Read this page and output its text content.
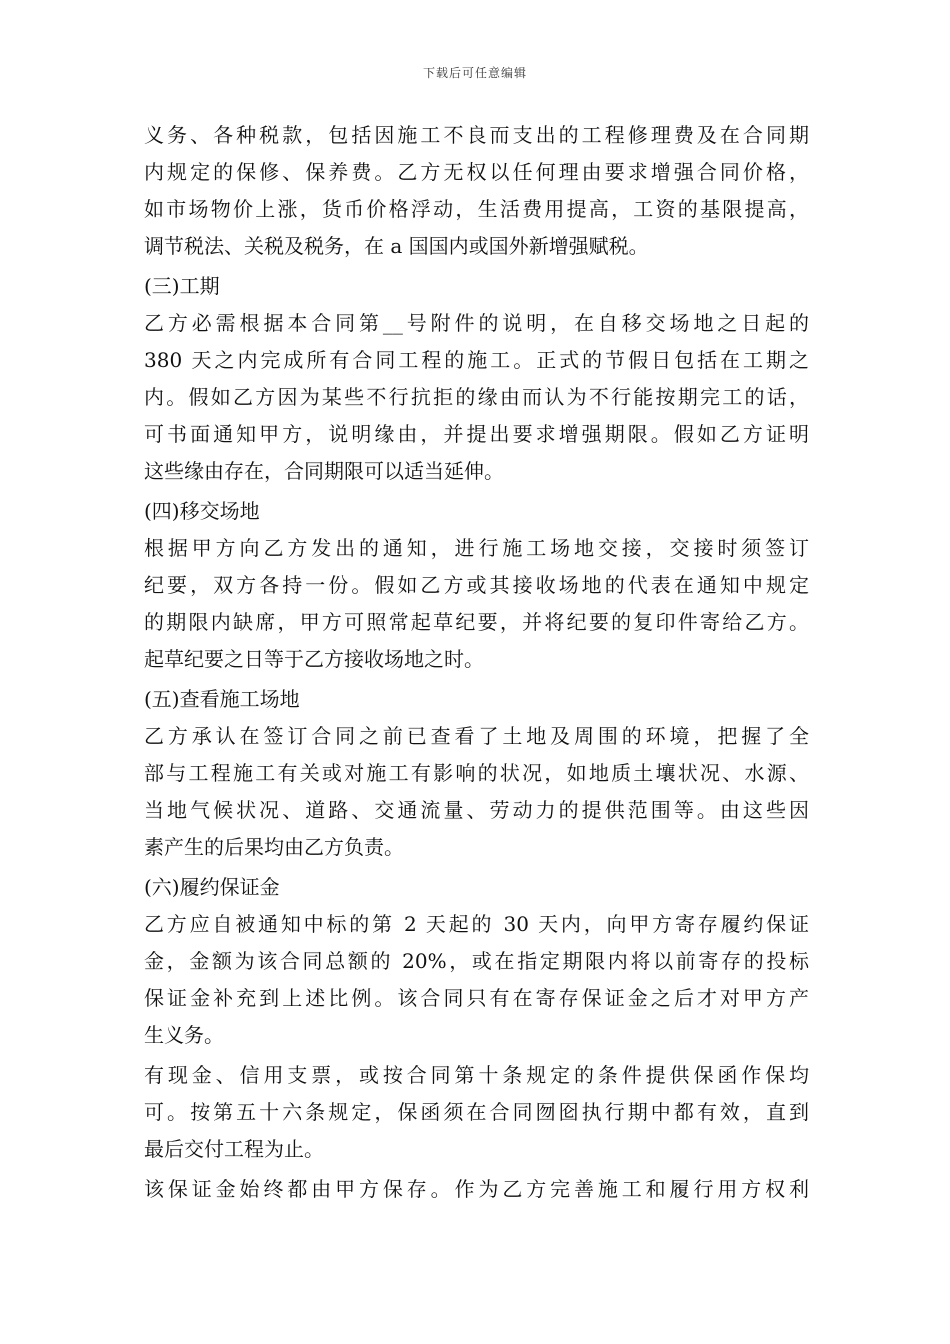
下载后可任意编辑
义务、各种税款，包括因施工不良而支出的工程修理费及在合同期
内规定的保修、保养费。乙方无权以任何理由要求增强合同价格，
如市场物价上涨，货币价格浮动，生活费用提高，工资的基限提高，
调节税法、关税及税务，在 a 国国内或国外新增强赋税。
(三)工期
乙方必需根据本合同第__号附件的说明，在自移交场地之日起的
380 天之内完成所有合同工程的施工。正式的节假日包括在工期之
内。假如乙方因为某些不行抗拒的缘由而认为不行能按期完工的话，
可书面通知甲方，说明缘由，并提出要求增强期限。假如乙方证明
这些缘由存在，合同期限可以适当延伸。
(四)移交场地
根据甲方向乙方发出的通知，进行施工场地交接，交接时须签订
纪要，双方各持一份。假如乙方或其接收场地的代表在通知中规定
的期限内缺席，甲方可照常起草纪要，并将纪要的复印件寄给乙方。
起草纪要之日等于乙方接收场地之时。
(五)查看施工场地
乙方承认在签订合同之前已查看了土地及周围的环境，把握了全
部与工程施工有关或对施工有影响的状况，如地质土壤状况、水源、
当地气候状况、道路、交通流量、劳动力的提供范围等。由这些因
素产生的后果均由乙方负责。
(六)履约保证金
乙方应自被通知中标的第 2 天起的 30 天内，向甲方寄存履约保证
金，金额为该合同总额的 20%，或在指定期限内将以前寄存的投标
保证金补充到上述比例。该合同只有在寄存保证金之后才对甲方产
生义务。
有现金、信用支票，或按合同第十条规定的条件提供保函作保均
可。按第五十六条规定，保函须在合同囫囵执行期中都有效，直到
最后交付工程为止。
该保证金始终都由甲方保存。作为乙方完善施工和履行用方权利
